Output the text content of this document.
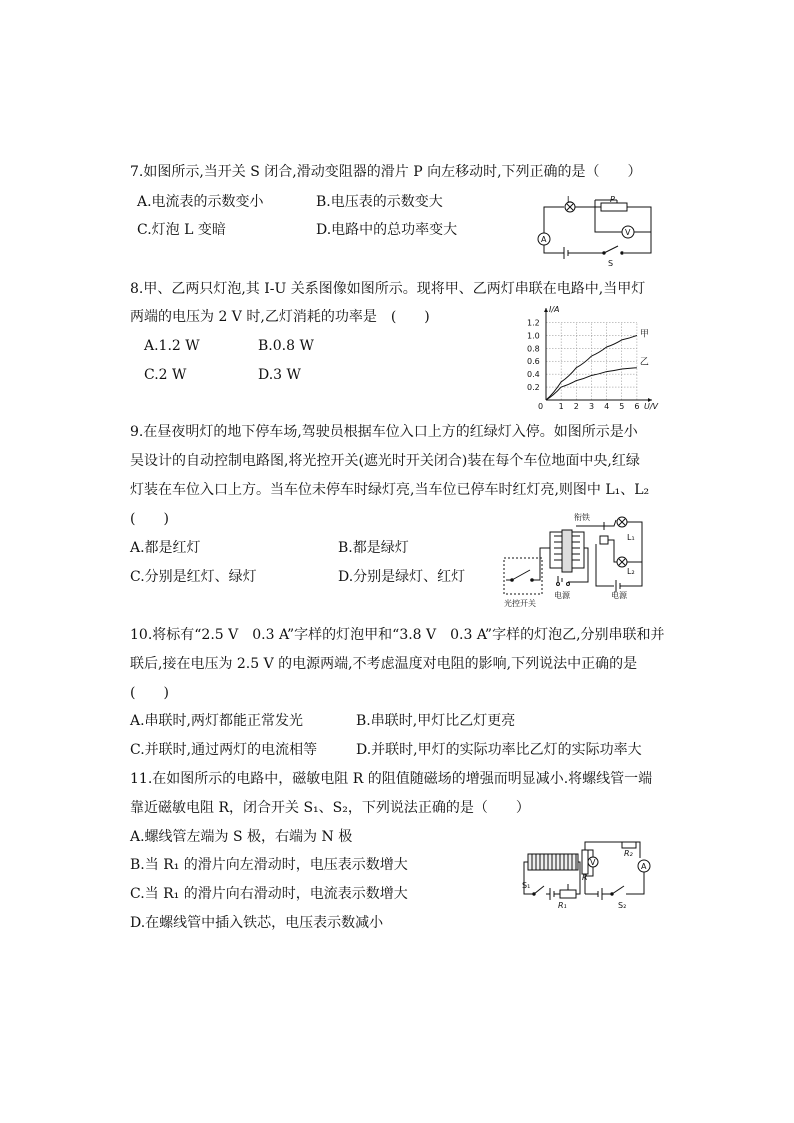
7.如图所示,当开关 S 闭合,滑动变阻器的滑片 P 向左移动时,下列正确的是（　　）
A.电流表的示数变小	B.电压表的示数变大
C.灯泡 L 变暗	D.电路中的总功率变大
L	P
A
V
S
8.甲、乙两只灯泡,其 I-U 关系图像如图所示。现将甲、乙两灯串联在电路中,当甲灯
两端的电压为 2 V 时,乙灯消耗的功率是　(　　)
A.1.2 W	B.0.8 W
C.2 W	D.3 W
0 1 2 3 4 5 6
0.2
0.4
0.6
0.8
1.0
1.2
I/A
U/V
甲
乙
9.在昼夜明灯的地下停车场,驾驶员根据车位入口上方的红绿灯入停。如图所示是小
吴设计的自动控制电路图,将光控开关(遮光时开关闭合)装在每个车位地面中央,红绿
灯装在车位入口上方。当车位未停车时绿灯亮,当车位已停车时红灯亮,则图中 L₁、L₂
(　　)
A.都是红灯	B.都是绿灯
C.分别是红灯、绿灯	D.分别是绿灯、红灯
衔铁
L₁
L₂
电源	电源
光控开关
10.将标有“2.5 V　0.3 A”字样的灯泡甲和“3.8 V　0.3 A”字样的灯泡乙,分别串联和并
联后,接在电压为 2.5 V 的电源两端,不考虑温度对电阻的影响,下列说法中正确的是
(　　)
A.串联时,两灯都能正常发光	B.串联时,甲灯比乙灯更亮
C.并联时,通过两灯的电流相等	D.并联时,甲灯的实际功率比乙灯的实际功率大
11.在如图所示的电路中，磁敏电阻 R 的阻值随磁场的增强而明显减小.将螺线管一端
靠近磁敏电阻 R，闭合开关 S₁、S₂，下列说法正确的是（　　）
A.螺线管左端为 S 极，右端为 N 极
B.当 R₁ 的滑片向左滑动时，电压表示数增大
C.当 R₁ 的滑片向右滑动时，电流表示数增大
D.在螺线管中插入铁芯，电压表示数减小
R
V	A
R₂
R₁
S₁
S₂
